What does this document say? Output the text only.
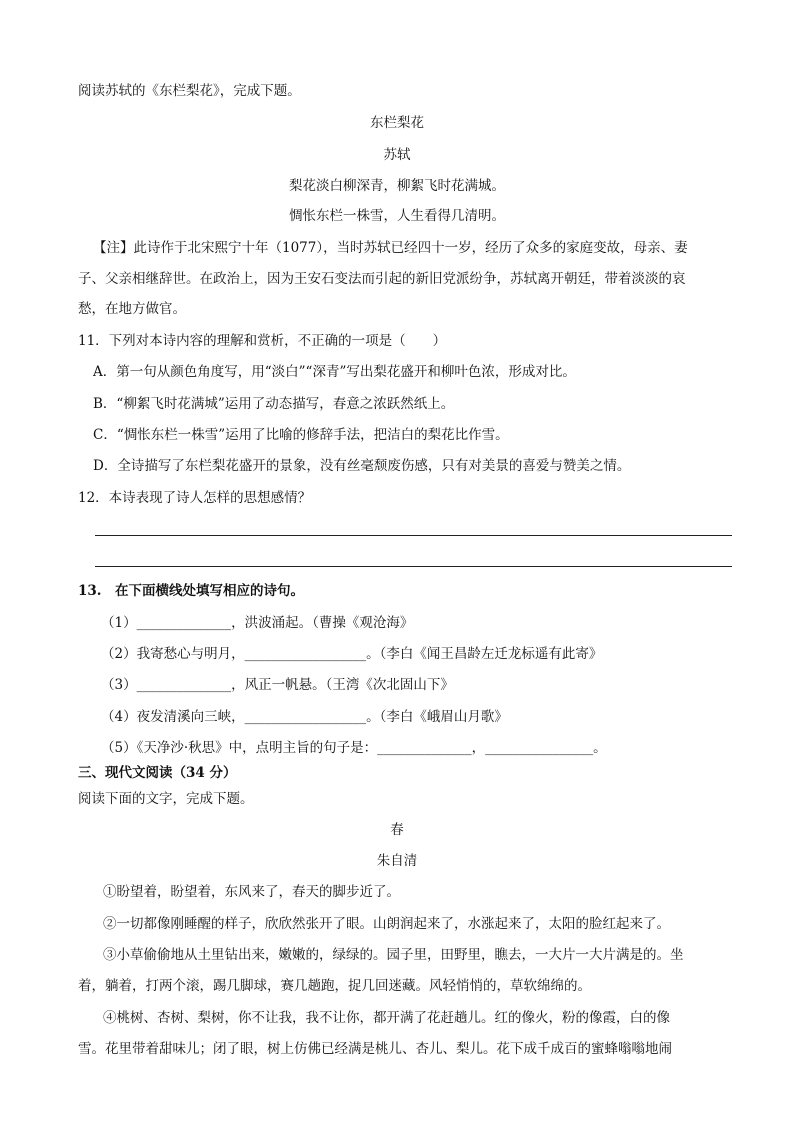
阅读苏轼的《东栏梨花》，完成下题。
东栏梨花
苏轼
梨花淡白柳深青，柳絮飞时花满城。
惆怅东栏一株雪，人生看得几清明。
【注】此诗作于北宋熙宁十年（1077），当时苏轼已经四十一岁，经历了众多的家庭变故，母亲、妻
子、父亲相继辞世。在政治上，因为王安石变法而引起的新旧党派纷争，苏轼离开朝廷，带着淡淡的哀
愁，在地方做官。
11．下列对本诗内容的理解和赏析，不正确的一项是（　　）
A．第一句从颜色角度写，用“淡白”“深青”写出梨花盛开和柳叶色浓，形成对比。
B．“柳絮飞时花满城”运用了动态描写，春意之浓跃然纸上。
C．“惆怅东栏一株雪”运用了比喻的修辞手法，把洁白的梨花比作雪。
D．全诗描写了东栏梨花盛开的景象，没有丝毫颓废伤感，只有对美景的喜爱与赞美之情。
12．本诗表现了诗人怎样的思想感情？
13.　在下面横线处填写相应的诗句。
（1）______________，洪波涌起。（曹操《观沧海》
（2）我寄愁心与明月，__________________。（李白《闻王昌龄左迁龙标遥有此寄》
（3）______________，风正一帆悬。（王湾《次北固山下》
（4）夜发清溪向三峡，__________________。（李白《峨眉山月歌》
（5）《天净沙·秋思》中，点明主旨的句子是：______________，________________。
三、现代文阅读（34 分）
阅读下面的文字，完成下题。
春
朱自清
①盼望着，盼望着，东风来了，春天的脚步近了。
②一切都像刚睡醒的样子，欣欣然张开了眼。山朗润起来了，水涨起来了，太阳的脸红起来了。
③小草偷偷地从土里钻出来，嫩嫩的，绿绿的。园子里，田野里，瞧去，一大片一大片满是的。坐
着，躺着，打两个滚，踢几脚球，赛几趟跑，捉几回迷藏。风轻悄悄的，草软绵绵的。
④桃树、杏树、梨树，你不让我，我不让你，都开满了花赶趟儿。红的像火，粉的像霞，白的像
雪。花里带着甜味儿；闭了眼，树上仿佛已经满是桃儿、杏儿、梨儿。花下成千成百的蜜蜂嗡嗡地闹
